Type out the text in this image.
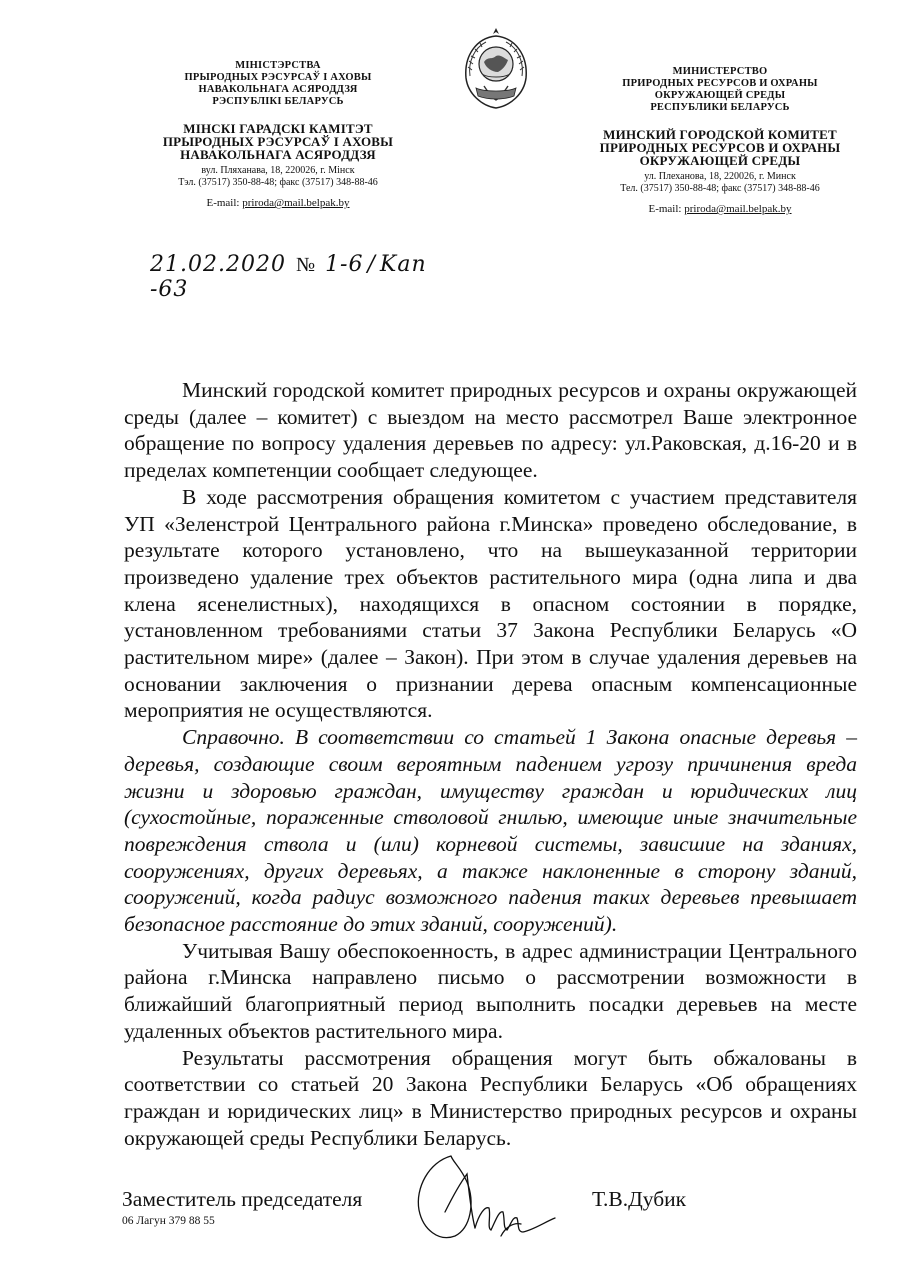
МІНІСТЭРСТВА
ПРЫРОДНЫХ РЭСУРСАЎ І АХОВЫ
НАВАКОЛЬНАГА АСЯРОДДЗЯ
РЭСПУБЛІКІ БЕЛАРУСЬ
МІНСКІ ГАРАДСКІ КАМІТЭТ
ПРЫРОДНЫХ РЭСУРСАЎ І АХОВЫ
НАВАКОЛЬНАГА АСЯРОДДЗЯ
вул. Пляханава, 18, 220026, г. Мінск
Тэл. (37517) 350-88-48; факс (37517) 348-88-46
E-mail: priroda@mail.belpak.by
МИНИСТЕРСТВО
ПРИРОДНЫХ РЕСУРСОВ И ОХРАНЫ
ОКРУЖАЮЩЕЙ СРЕДЫ
РЕСПУБЛИКИ БЕЛАРУСЬ
МИНСКИЙ ГОРОДСКОЙ КОМИТЕТ
ПРИРОДНЫХ РЕСУРСОВ И ОХРАНЫ
ОКРУЖАЮЩЕЙ СРЕДЫ
ул. Плеханова, 18, 220026, г. Минск
Тел. (37517) 350-88-48; факс (37517) 348-88-46
E-mail: priroda@mail.belpak.by
21.02.2020 № 1-6 / Kan -63

Минский городской комитет природных ресурсов и охраны окружающей среды (далее – комитет) с выездом на место рассмотрел Ваше электронное обращение по вопросу удаления деревьев по адресу: ул.Раковская, д.16-20 и в пределах компетенции сообщает следующее.

В ходе рассмотрения обращения комитетом с участием представителя УП «Зеленстрой Центрального района г.Минска» проведено обследование, в результате которого установлено, что на вышеуказанной территории произведено удаление трех объектов растительного мира (одна липа и два клена ясенелистных), находящихся в опасном состоянии в порядке, установленном требованиями статьи 37 Закона Республики Беларусь «О растительном мире» (далее – Закон). При этом в случае удаления деревьев на основании заключения о признании дерева опасным компенсационные мероприятия не осуществляются.

Справочно. В соответствии со статьей 1 Закона опасные деревья – деревья, создающие своим вероятным падением угрозу причинения вреда жизни и здоровью граждан, имуществу граждан и юридических лиц (сухостойные, пораженные стволовой гнилью, имеющие иные значительные повреждения ствола и (или) корневой системы, зависшие на зданиях, сооружениях, других деревьях, а также наклоненные в сторону зданий, сооружений, когда радиус возможного падения таких деревьев превышает безопасное расстояние до этих зданий, сооружений).

Учитывая Вашу обеспокоенность, в адрес администрации Центрального района г.Минска направлено письмо о рассмотрении возможности в ближайший благоприятный период выполнить посадки деревьев на месте удаленных объектов растительного мира.

Результаты рассмотрения обращения могут быть обжалованы в соответствии со статьей 20 Закона Республики Беларусь «Об обращениях граждан и юридических лиц» в Министерство природных ресурсов и охраны окружающей среды Республики Беларусь.

Заместитель председателя
06 Лагун 379 88 55
Т.В.Дубик
